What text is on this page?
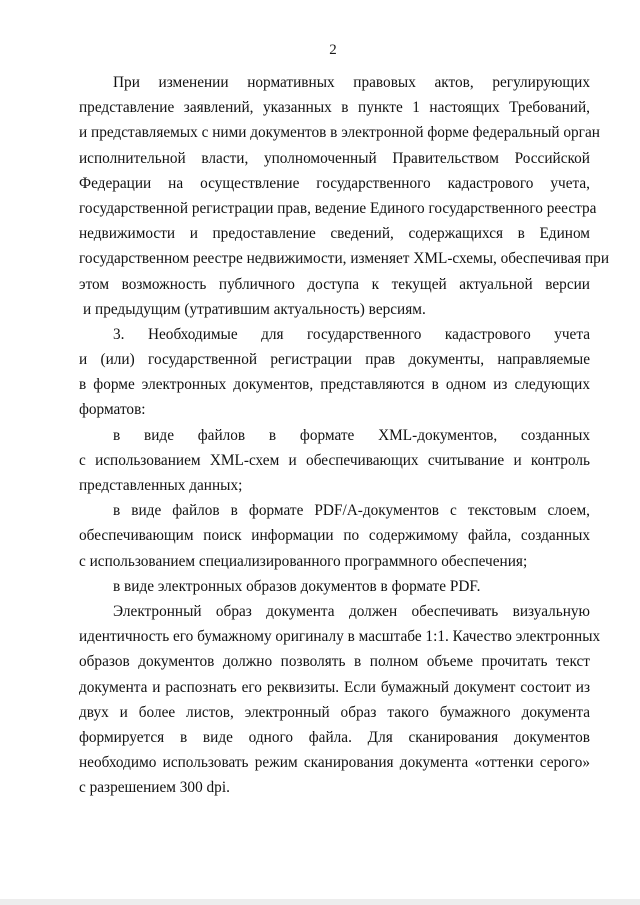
2
При изменении нормативных правовых актов, регулирующих
представление заявлений, указанных в пункте 1 настоящих Требований,
и представляемых с ними документов в электронной форме федеральный орган
исполнительной власти, уполномоченный Правительством Российской
Федерации на осуществление государственного кадастрового учета,
государственной регистрации прав, ведение Единого государственного реестра
недвижимости и предоставление сведений, содержащихся в Едином
государственном реестре недвижимости, изменяет XML-схемы, обеспечивая при
этом возможность публичного доступа к текущей актуальной версии
и предыдущим (утратившим актуальность) версиям.
3. Необходимые для государственного кадастрового учета
и (или) государственной регистрации прав документы, направляемые
в форме электронных документов, представляются в одном из следующих
форматов:
в виде файлов в формате XML-документов, созданных
с использованием XML-схем и обеспечивающих считывание и контроль
представленных данных;
в виде файлов в формате PDF/A-документов с текстовым слоем,
обеспечивающим поиск информации по содержимому файла, созданных
с использованием специализированного программного обеспечения;
в виде электронных образов документов в формате PDF.
Электронный образ документа должен обеспечивать визуальную
идентичность его бумажному оригиналу в масштабе 1:1. Качество электронных
образов документов должно позволять в полном объеме прочитать текст
документа и распознать его реквизиты. Если бумажный документ состоит из
двух и более листов, электронный образ такого бумажного документа
формируется в виде одного файла. Для сканирования документов
необходимо использовать режим сканирования документа «оттенки серого»
с разрешением 300 dpi.
